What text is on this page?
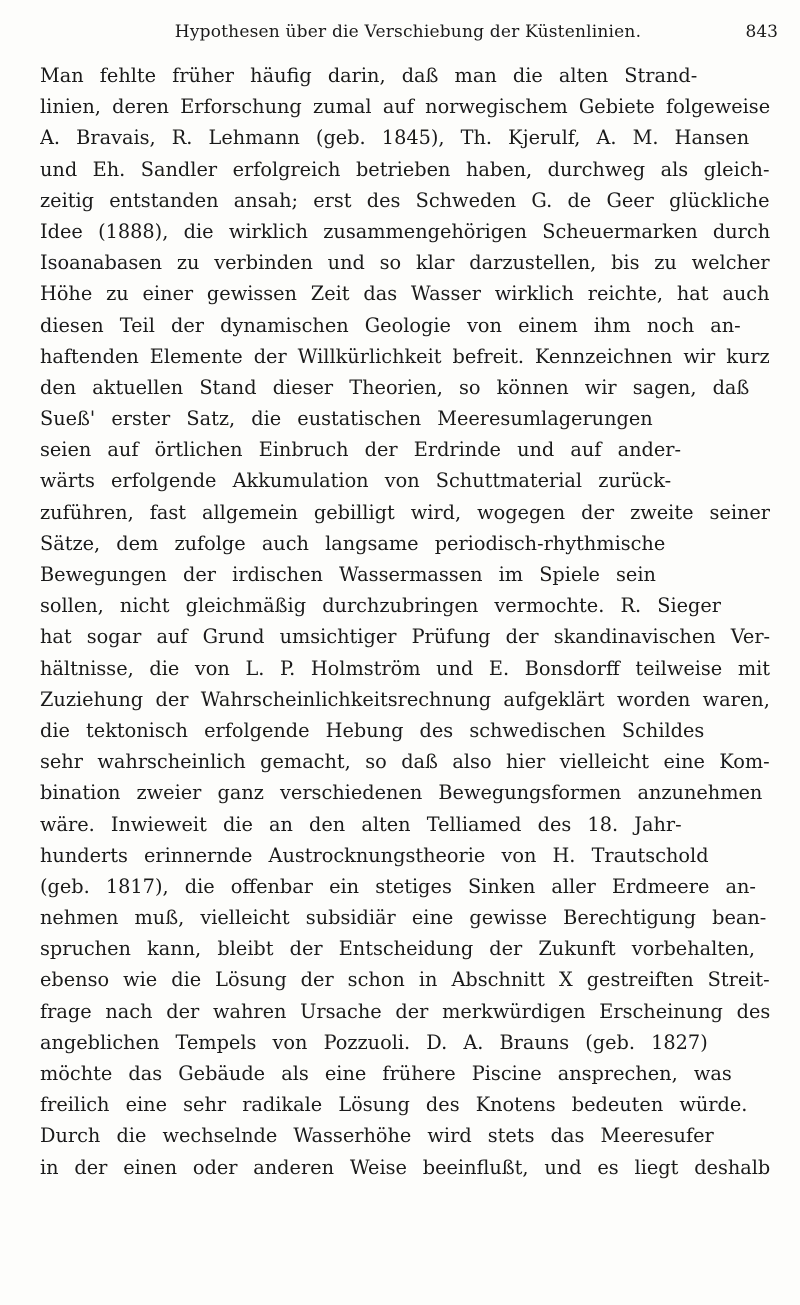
Hypothesen über die Verschiebung der Küstenlinien.	843

Man fehlte früher häufig darin, daß man die alten Strand-
linien, deren Erforschung zumal auf norwegischem Gebiete folgeweise
A. Bravais, R. Lehmann (geb. 1845), Th. Kjerulf, A. M. Hansen
und Eh. Sandler erfolgreich betrieben haben, durchweg als gleich-
zeitig entstanden ansah; erst des Schweden G. de Geer glückliche
Idee (1888), die wirklich zusammengehörigen Scheuermarken durch
Isoanabasen zu verbinden und so klar darzustellen, bis zu welcher
Höhe zu einer gewissen Zeit das Wasser wirklich reichte, hat auch
diesen Teil der dynamischen Geologie von einem ihm noch an-
haftenden Elemente der Willkürlichkeit befreit. Kennzeichnen wir kurz
den aktuellen Stand dieser Theorien, so können wir sagen, daß
Sueß' erster Satz, die eustatischen Meeresumlagerungen
seien auf örtlichen Einbruch der Erdrinde und auf ander-
wärts erfolgende Akkumulation von Schuttmaterial zurück-
zuführen, fast allgemein gebilligt wird, wogegen der zweite seiner
Sätze, dem zufolge auch langsame periodisch-rhythmische
Bewegungen der irdischen Wassermassen im Spiele sein
sollen, nicht gleichmäßig durchzubringen vermochte. R. Sieger
hat sogar auf Grund umsichtiger Prüfung der skandinavischen Ver-
hältnisse, die von L. P. Holmström und E. Bonsdorff teilweise mit
Zuziehung der Wahrscheinlichkeitsrechnung aufgeklärt worden waren,
die tektonisch erfolgende Hebung des schwedischen Schildes
sehr wahrscheinlich gemacht, so daß also hier vielleicht eine Kom-
bination zweier ganz verschiedenen Bewegungsformen anzunehmen
wäre. Inwieweit die an den alten Telliamed des 18. Jahr-
hunderts erinnernde Austrocknungstheorie von H. Trautschold
(geb. 1817), die offenbar ein stetiges Sinken aller Erdmeere an-
nehmen muß, vielleicht subsidiär eine gewisse Berechtigung bean-
spruchen kann, bleibt der Entscheidung der Zukunft vorbehalten,
ebenso wie die Lösung der schon in Abschnitt X gestreiften Streit-
frage nach der wahren Ursache der merkwürdigen Erscheinung des
angeblichen Tempels von Pozzuoli. D. A. Brauns (geb. 1827)
möchte das Gebäude als eine frühere Piscine ansprechen, was
freilich eine sehr radikale Lösung des Knotens bedeuten würde.
Durch die wechselnde Wasserhöhe wird stets das Meeresufer
in der einen oder anderen Weise beeinflußt, und es liegt deshalb
